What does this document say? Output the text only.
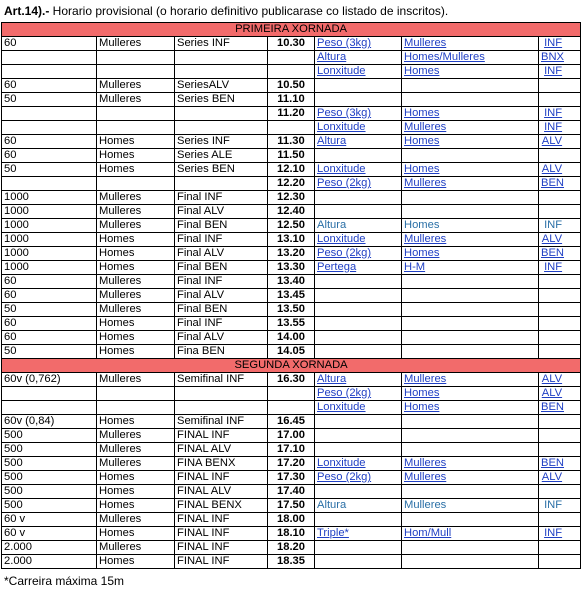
Art.14).- Horario provisional (o horario definitivo publicarase co listado de inscritos).
PRIMEIRA XORNADA						
60	Mulleres	Series INF	10.30	Peso (3kg)	Mulleres	INF
				Altura	Homes/Mulleres	BNX
				Lonxitude	Homes	INF
60	Mulleres	SeriesALV	10.50			
50	Mulleres	Series BEN	11.10			
			11.20	Peso (3kg)	Homes	INF
				Lonxitude	Mulleres	INF
60	Homes	Series INF	11.30	Altura	Homes	ALV
60	Homes	Series ALE	11.50			
50	Homes	Series BEN	12.10	Lonxitude	Homes	ALV
			12.20	Peso (2kg)	Mulleres	BEN
1000	Mulleres	Final INF	12.30			
1000	Mulleres	Final ALV	12.40			
1000	Mulleres	Final BEN	12.50	Altura	Homes	INF
1000	Homes	Final INF	13.10	Lonxitude	Mulleres	ALV
1000	Homes	Final ALV	13.20	Peso (2kg)	Homes	BEN
1000	Homes	Final BEN	13.30	Pertega	H-M	INF
60	Mulleres	Final INF	13.40			
60	Mulleres	Final ALV	13.45			
50	Mulleres	Final BEN	13.50			
60	Homes	Final INF	13.55			
60	Homes	Final ALV	14.00			
50	Homes	Fina BEN	14.05			
SEGUNDA XORNADA						
60v (0,762)	Mulleres	Semifinal INF	16.30	Altura	Mulleres	ALV
				Peso (2kg)	Homes	ALV
				Lonxitude	Homes	BEN
60v (0,84)	Homes	Semifinal INF	16.45			
500	Mulleres	FINAL INF	17.00			
500	Mulleres	FINAL ALV	17.10			
500	Mulleres	FINA BENX	17.20	Lonxitude	Mulleres	BEN
500	Homes	FINAL INF	17.30	Peso (2kg)	Mulleres	ALV
500	Homes	FINAL ALV	17.40			
500	Homes	FINAL BENX	17.50	Altura	Mulleres	INF
60 v	Mulleres	FINAL INF	18.00			
60 v	Homes	FINAL INF	18.10	Triple*	Hom/Mull	INF
2.000	Mulleres	FINAL INF	18.20			
2.000	Homes	FINAL INF	18.35			
*Carreira máxima 15m
